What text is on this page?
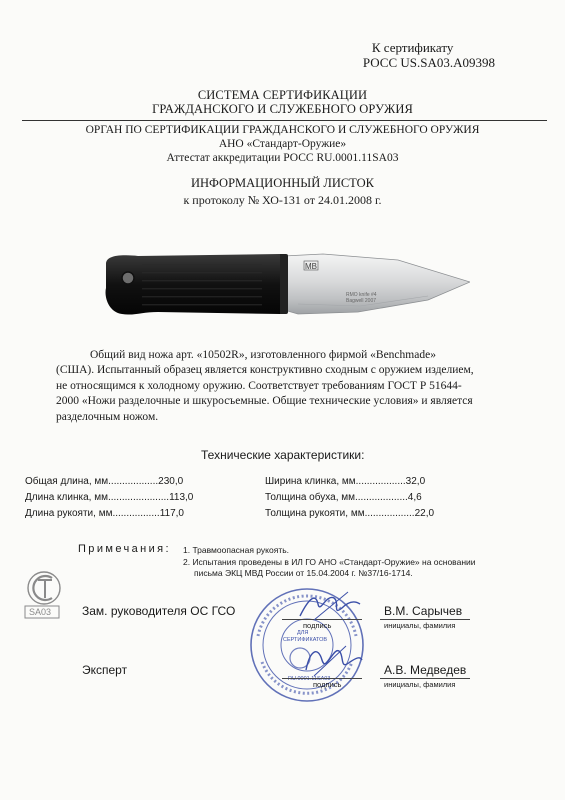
К сертификату
РОСС US.SA03.A09398
СИСТЕМА СЕРТИФИКАЦИИ
ГРАЖДАНСКОГО И СЛУЖЕБНОГО ОРУЖИЯ
ОРГАН ПО СЕРТИФИКАЦИИ ГРАЖДАНСКОГО И СЛУЖЕБНОГО ОРУЖИЯ
АНО «Стандарт-Оружие»
Аттестат аккредитации РОСС RU.0001.11SA03
ИНФОРМАЦИОННЫЙ ЛИСТОК
к протоколу № ХО-131 от 24.01.2008 г.
MB
RMO knife #4
Bagwell 2007
Общий вид ножа арт. «10502R», изготовленного фирмой «Benchmade»
(США). Испытанный образец является конструктивно сходным с оружием изделием,
не относящимся к холодному оружию. Соответствует требованиям ГОСТ Р 51644-
2000 «Ножи разделочные и шкуросъемные. Общие технические условия» и является
разделочным ножом.
Технические характеристики:
Общая длина, мм..................230,0
Длина клинка, мм......................113,0
Длина рукояти, мм.................117,0
Ширина клинка, мм..................32,0
Толщина обуха, мм...................4,6
Толщина рукояти, мм..................22,0
Примечания: 1. Травмоопасная рукоять.
2. Испытания проведены в ИЛ ГО АНО «Стандарт-Оружие» на основании
письма ЭКЦ МВД России от 15.04.2004 г. №37/16-1714.
SA03
ДЛЯ
СЕРТИФИКАТОВ
RU.0001.11SA03
Зам. руководителя ОС ГСО
подпись
В.М. Сарычев
инициалы, фамилия
Эксперт
подпись
А.В. Медведев
инициалы, фамилия
